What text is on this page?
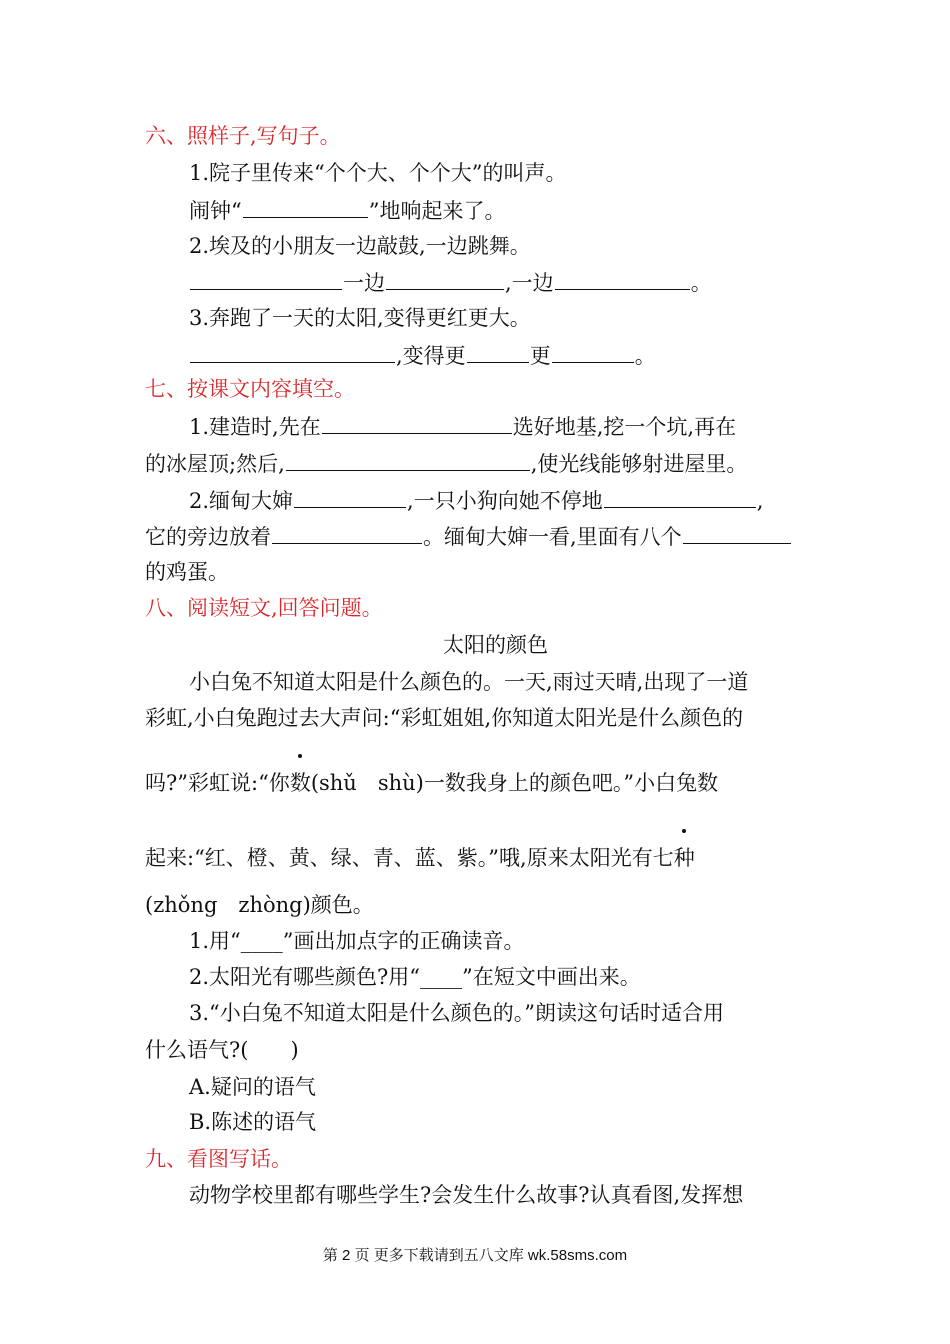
六、照样子,写句子。
1.院子里传来“个个大、个个大”的叫声。
闹钟“	”地响起来了。
2.埃及的小朋友一边敲鼓,一边跳舞。
一边	,一边	。
3.奔跑了一天的太阳,变得更红更大。
,变得更	更	。
七、按课文内容填空。
1.建造时,先在	选好地基,挖一个坑,再在
的冰屋顶;然后,	,使光线能够射进屋里。
2.缅甸大婶	,一只小狗向她不停地	,
它的旁边放着	。缅甸大婶一看,里面有八个
的鸡蛋。
八、阅读短文,回答问题。
太阳的颜色
小白兔不知道太阳是什么颜色的。一天,雨过天晴,出现了一道
彩虹,小白兔跑过去大声问:“彩虹姐姐,你知道太阳光是什么颜色的
吗?”彩虹说:“你数(shǔ　shù)一数我身上的颜色吧。”小白兔数
起来:“红、橙、黄、绿、青、蓝、紫。”哦,原来太阳光有七种
(zhǒng　zhòng)颜色。
1.用“____”画出加点字的正确读音。
2.太阳光有哪些颜色?用“____”在短文中画出来。
3.“小白兔不知道太阳是什么颜色的。”朗读这句话时适合用
什么语气?(　　)
A.疑问的语气
B.陈述的语气
九、看图写话。
动物学校里都有哪些学生?会发生什么故事?认真看图,发挥想
第 2 页 更多下载请到五八文库 wk.58sms.com
